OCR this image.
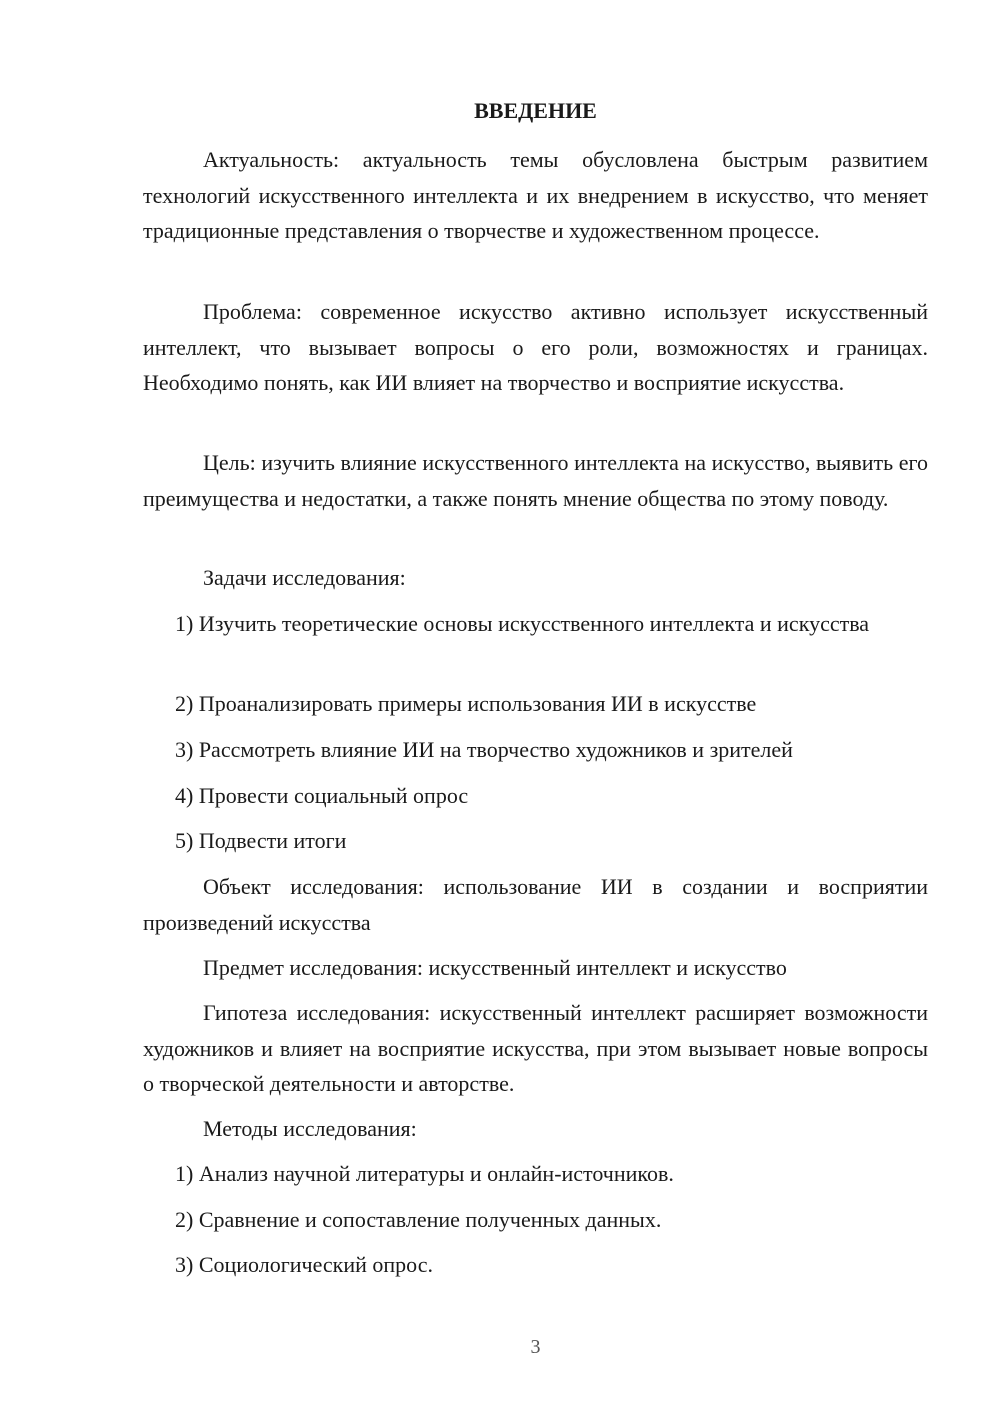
ВВЕДЕНИЕ

Актуальность: актуальность темы обусловлена быстрым развитием технологий искусственного интеллекта и их внедрением в искусство, что меняет традиционные представления о творчестве и художественном процессе.

Проблема: современное искусство активно использует искусственный интеллект, что вызывает вопросы о его роли, возможностях и границах. Необходимо понять, как ИИ влияет на творчество и восприятие искусства.

Цель: изучить влияние искусственного интеллекта на искусство, выявить его преимущества и недостатки, а также понять мнение общества по этому поводу.

Задачи исследования:

1) Изучить теоретические основы искусственного интеллекта и искусства

2) Проанализировать примеры использования ИИ в искусстве

3) Рассмотреть влияние ИИ на творчество художников и зрителей

4) Провести социальный опрос

5) Подвести итоги

Объект исследования: использование ИИ в создании и восприятии произведений искусства

Предмет исследования: искусственный интеллект и искусство

Гипотеза исследования: искусственный интеллект расширяет возможности художников и влияет на восприятие искусства, при этом вызывает новые вопросы о творческой деятельности и авторстве.

Методы исследования:

1) Анализ научной литературы и онлайн-источников.

2) Сравнение и сопоставление полученных данных.

3) Социологический опрос.

3
